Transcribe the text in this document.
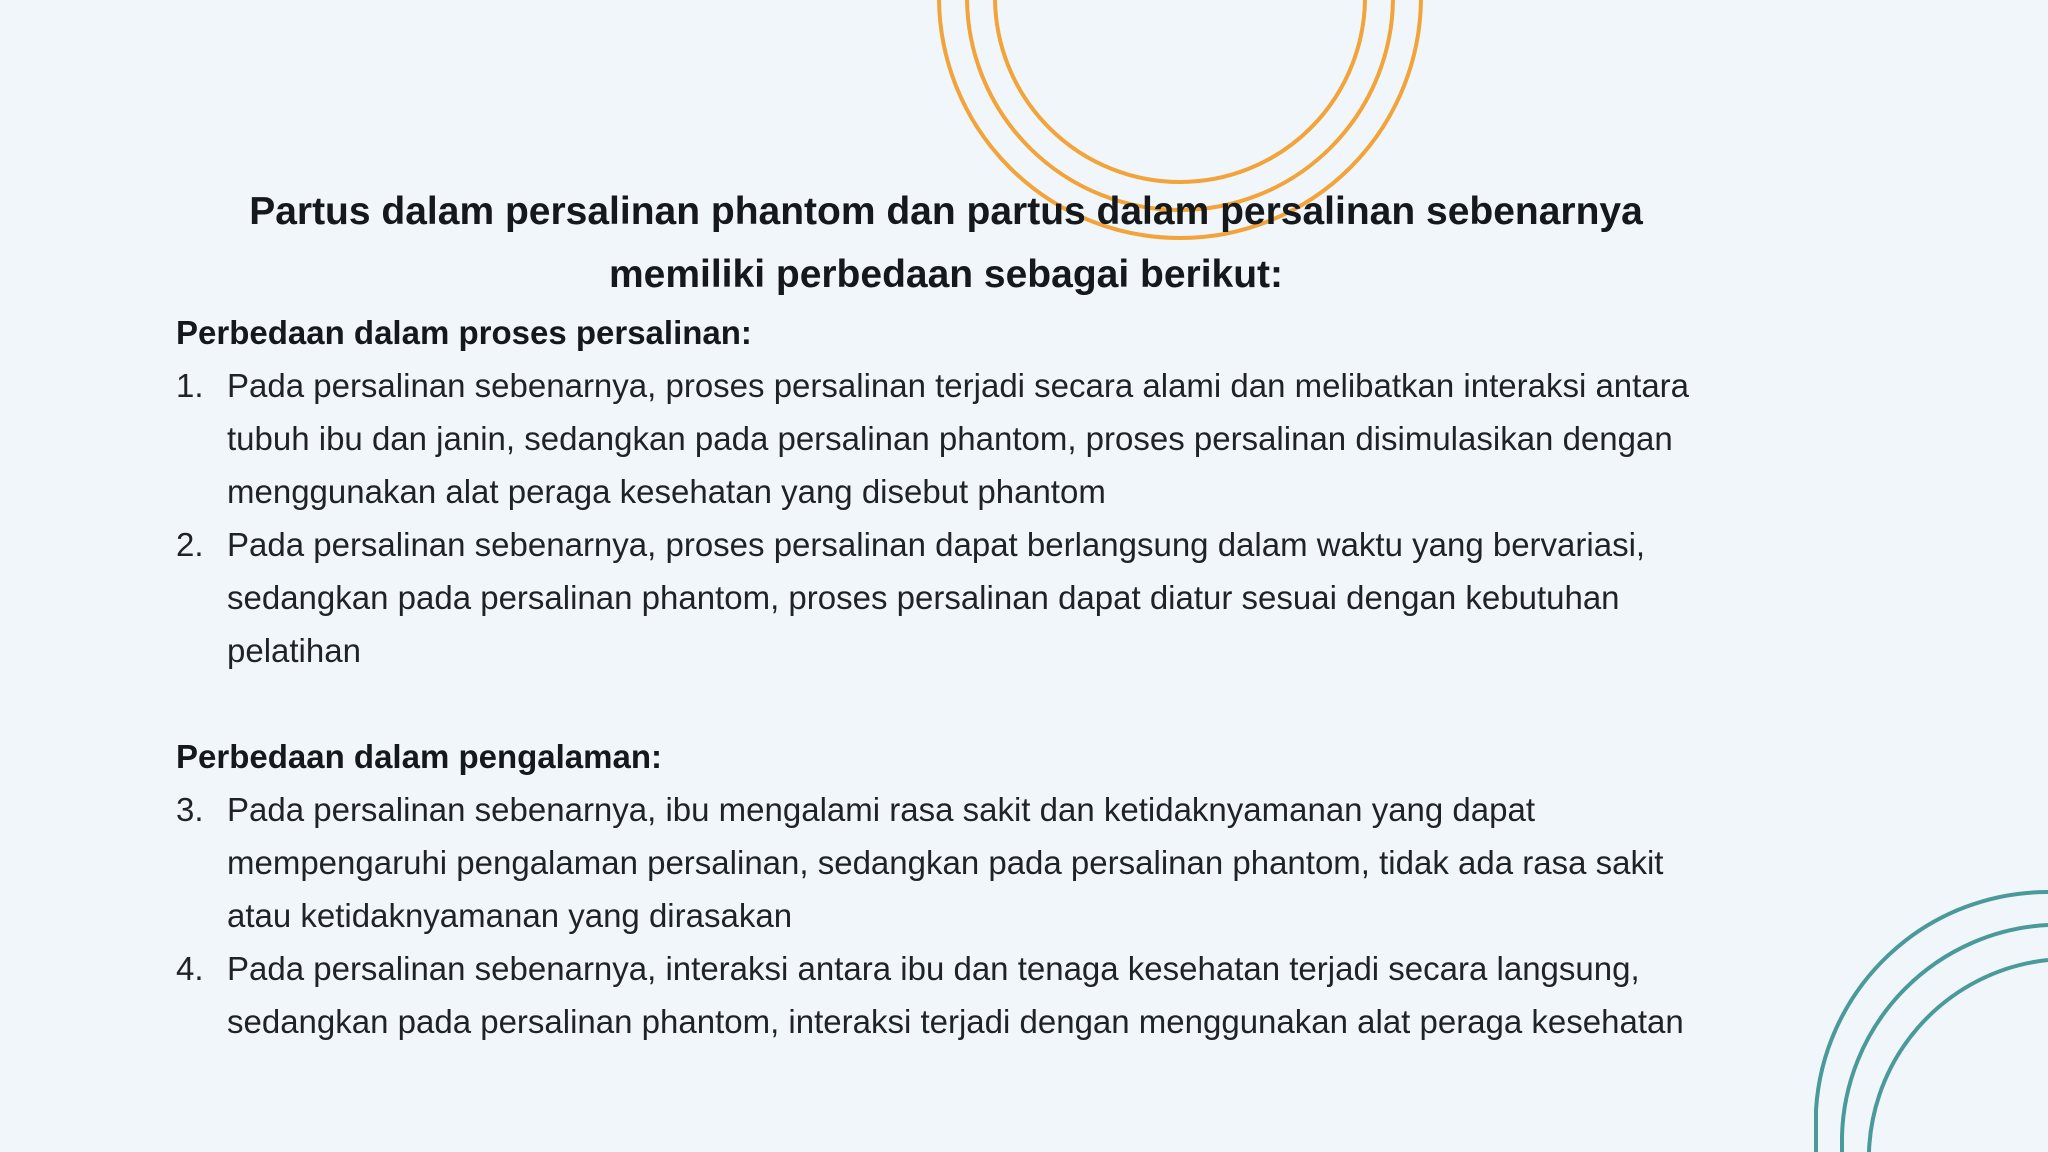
Partus dalam persalinan phantom dan partus dalam persalinan sebenarnya memiliki perbedaan sebagai berikut:
Perbedaan dalam proses persalinan:
1. Pada persalinan sebenarnya, proses persalinan terjadi secara alami dan melibatkan interaksi antara tubuh ibu dan janin, sedangkan pada persalinan phantom, proses persalinan disimulasikan dengan menggunakan alat peraga kesehatan yang disebut phantom
2. Pada persalinan sebenarnya, proses persalinan dapat berlangsung dalam waktu yang bervariasi, sedangkan pada persalinan phantom, proses persalinan dapat diatur sesuai dengan kebutuhan pelatihan
Perbedaan dalam pengalaman:
3. Pada persalinan sebenarnya, ibu mengalami rasa sakit dan ketidaknyamanan yang dapat mempengaruhi pengalaman persalinan, sedangkan pada persalinan phantom, tidak ada rasa sakit atau ketidaknyamanan yang dirasakan
4. Pada persalinan sebenarnya, interaksi antara ibu dan tenaga kesehatan terjadi secara langsung, sedangkan pada persalinan phantom, interaksi terjadi dengan menggunakan alat peraga kesehatan
